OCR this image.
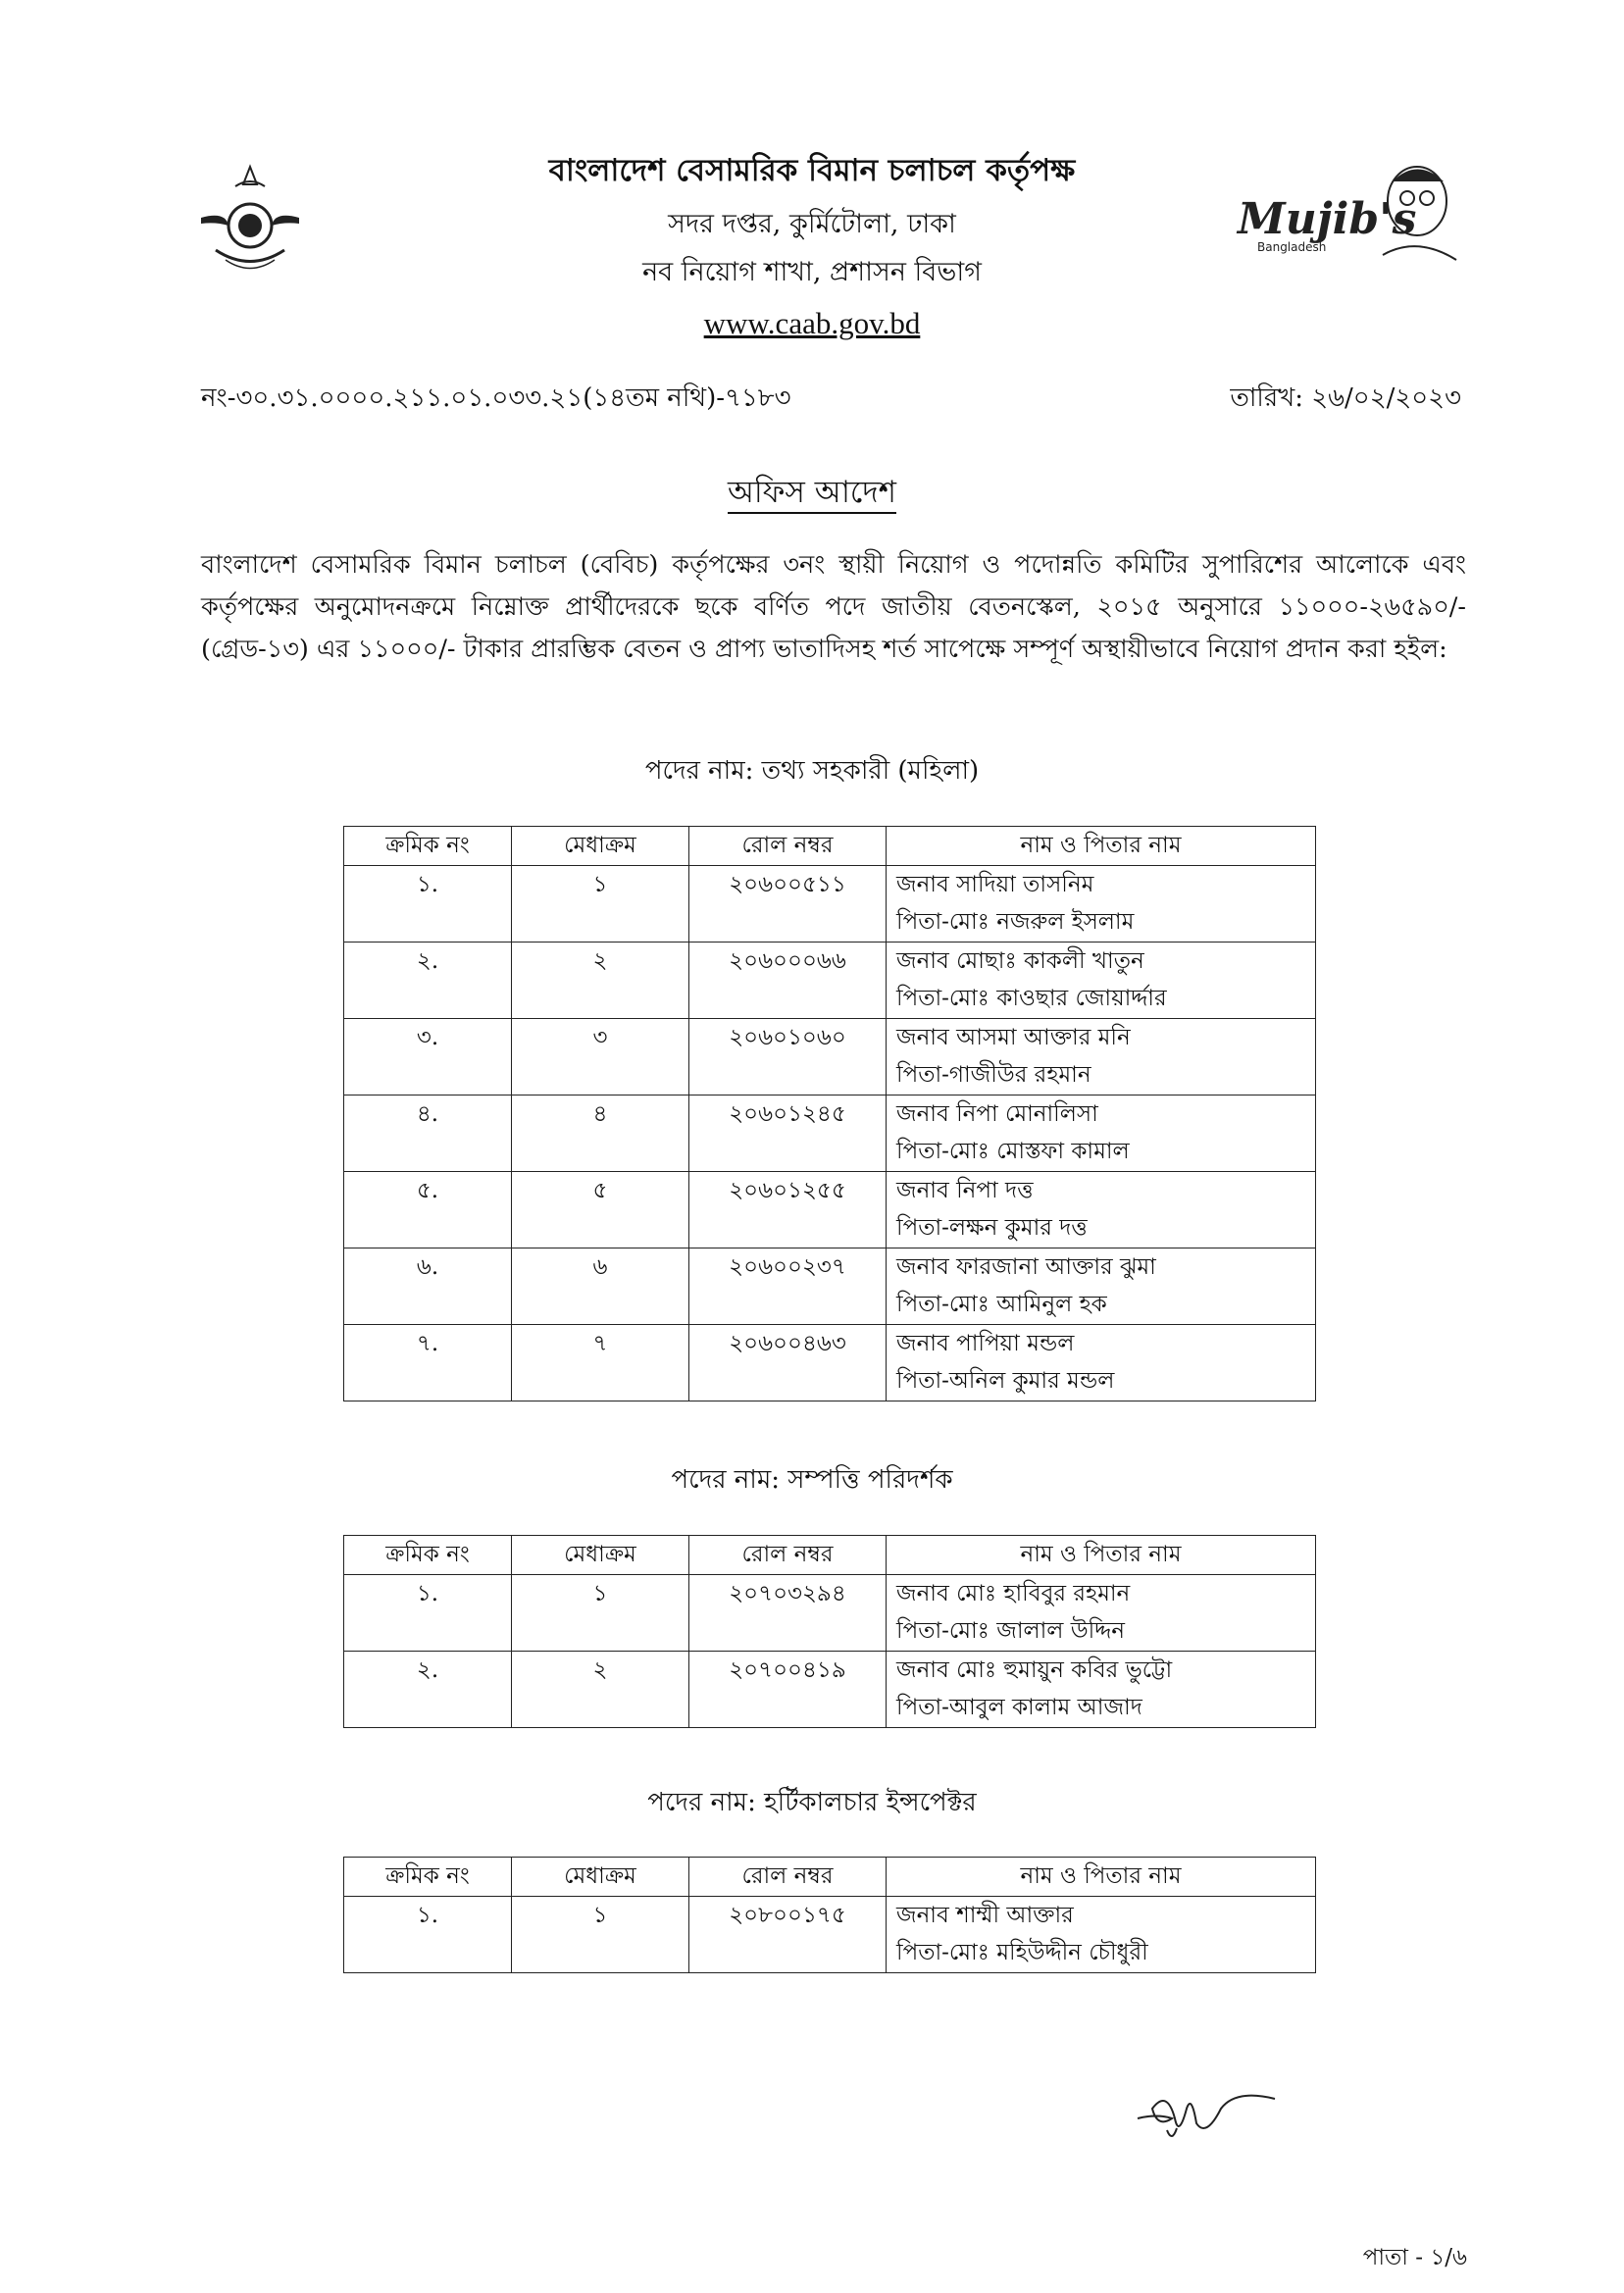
Mujib's
Bangladesh
বাংলাদেশ বেসামরিক বিমান চলাচল কর্তৃপক্ষ
সদর দপ্তর, কুর্মিটোলা, ঢাকা
নব নিয়োগ শাখা, প্রশাসন বিভাগ
www.caab.gov.bd
নং-৩০.৩১.০০০০.২১১.০১.০৩৩.২১(১৪তম নথি)-৭১৮৩	তারিখ: ২৬/০২/২০২৩
অফিস আদেশ
বাংলাদেশ বেসামরিক বিমান চলাচল (বেবিচ) কর্তৃপক্ষের ৩নং স্থায়ী নিয়োগ ও পদোন্নতি কমিটির সুপারিশের আলোকে এবং কর্তৃপক্ষের অনুমোদনক্রমে নিম্নোক্ত প্রার্থীদেরকে ছকে বর্ণিত পদে জাতীয় বেতনস্কেল, ২০১৫ অনুসারে ১১০০০-২৬৫৯০/- (গ্রেড-১৩) এর ১১০০০/- টাকার প্রারম্ভিক বেতন ও প্রাপ্য ভাতাদিসহ শর্ত সাপেক্ষে সম্পূর্ণ অস্থায়ীভাবে নিয়োগ প্রদান করা হইল:
পদের নাম: তথ্য সহকারী (মহিলা)
ক্রমিক নং	মেধাক্রম	রোল নম্বর	নাম ও পিতার নাম
১.	১	২০৬০০৫১১	জনাব সাদিয়া তাসনিম
পিতা-মোঃ নজরুল ইসলাম

২.	২	২০৬০০০৬৬	জনাব মোছাঃ কাকলী খাতুন
পিতা-মোঃ কাওছার জোয়ার্দ্দার

৩.	৩	২০৬০১০৬০	জনাব আসমা আক্তার মনি
পিতা-গাজীউর রহমান

৪.	৪	২০৬০১২৪৫	জনাব নিপা মোনালিসা
পিতা-মোঃ মোস্তফা কামাল

৫.	৫	২০৬০১২৫৫	জনাব নিপা দত্ত
পিতা-লক্ষন কুমার দত্ত

৬.	৬	২০৬০০২৩৭	জনাব ফারজানা আক্তার ঝুমা
পিতা-মোঃ আমিনুল হক

৭.	৭	২০৬০০৪৬৩	জনাব পাপিয়া মন্ডল
পিতা-অনিল কুমার মন্ডল
পদের নাম: সম্পত্তি পরিদর্শক
ক্রমিক নং	মেধাক্রম	রোল নম্বর	নাম ও পিতার নাম
১.	১	২০৭০৩২৯৪	জনাব মোঃ হাবিবুর রহমান
পিতা-মোঃ জালাল উদ্দিন

২.	২	২০৭০০৪১৯	জনাব মোঃ হুমায়ুন কবির ভুট্টো
পিতা-আবুল কালাম আজাদ
পদের নাম: হর্টিকালচার ইন্সপেক্টর
ক্রমিক নং	মেধাক্রম	রোল নম্বর	নাম ও পিতার নাম
১.	১	২০৮০০১৭৫	জনাব শাম্মী আক্তার
পিতা-মোঃ মহিউদ্দীন চৌধুরী
পাতা - ১/৬
